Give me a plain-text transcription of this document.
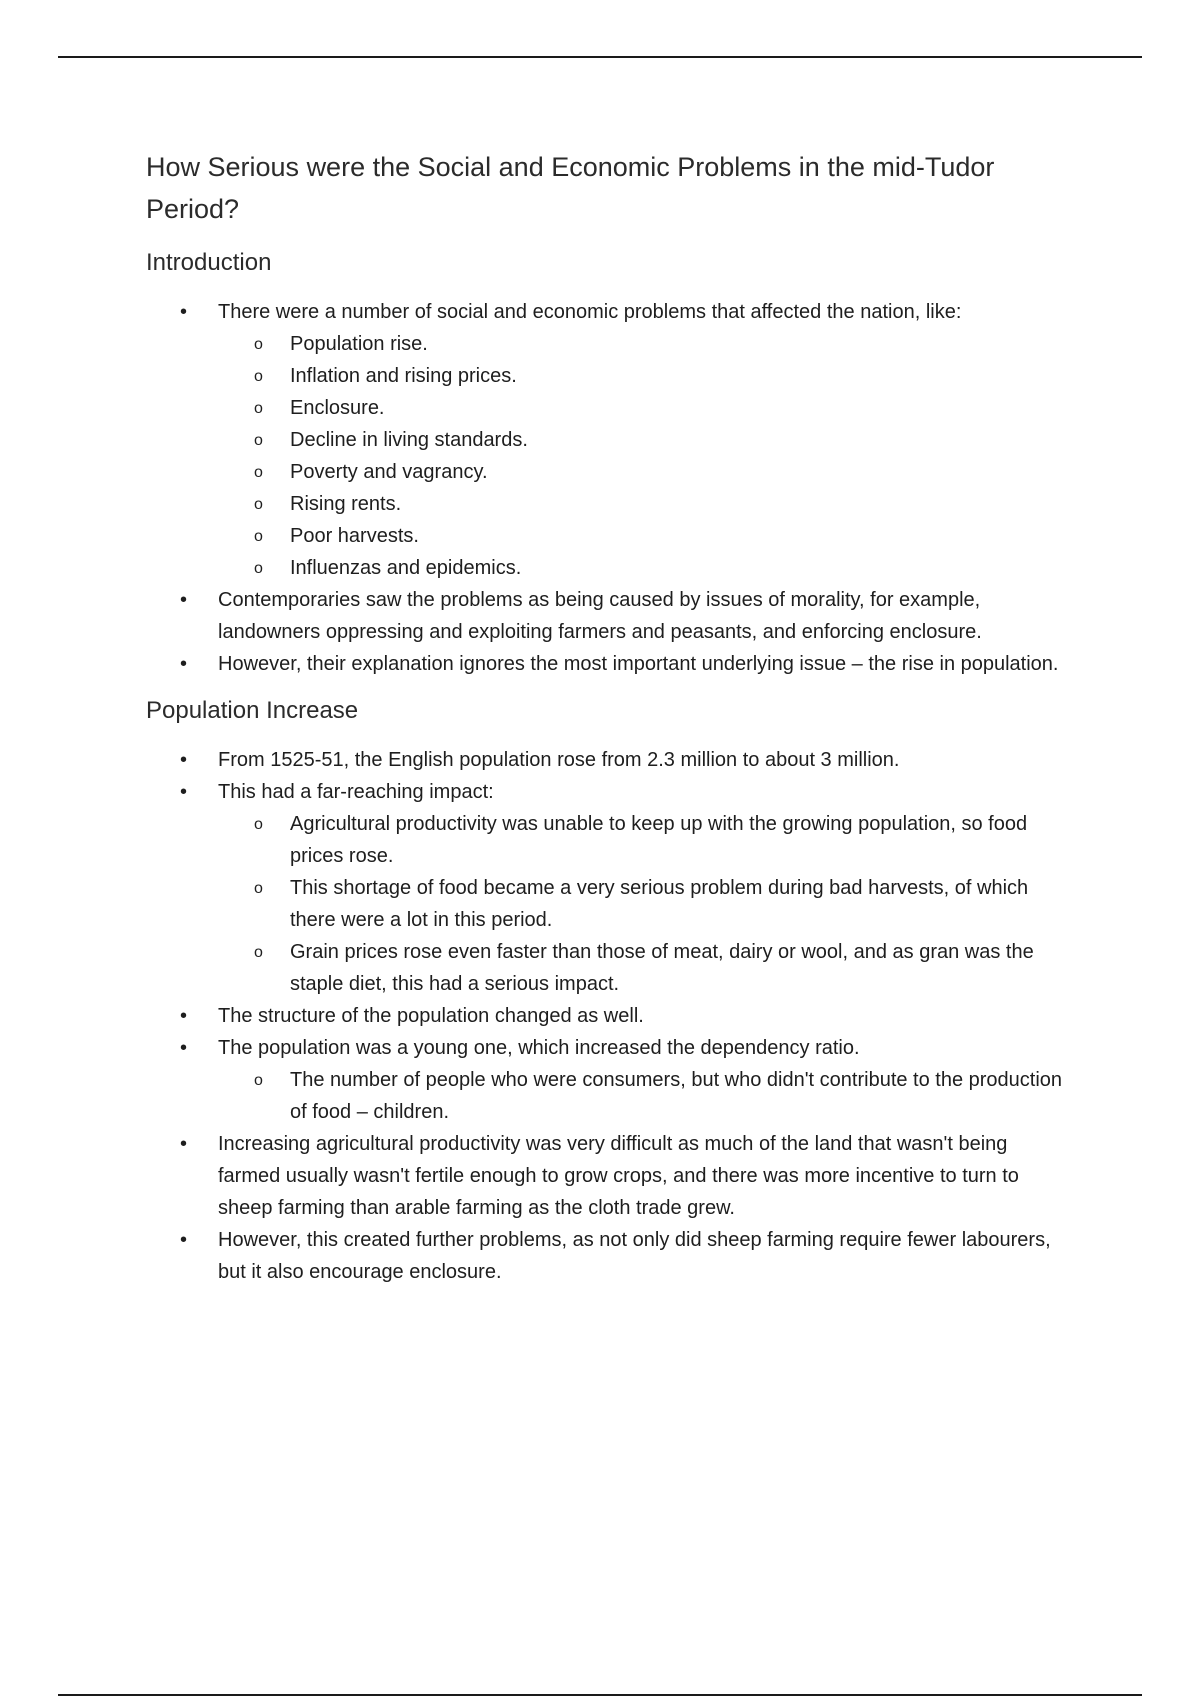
How Serious were the Social and Economic Problems in the mid-Tudor Period?
Introduction
• There were a number of social and economic problems that affected the nation, like:
o Population rise.
o Inflation and rising prices.
o Enclosure.
o Decline in living standards.
o Poverty and vagrancy.
o Rising rents.
o Poor harvests.
o Influenzas and epidemics.
• Contemporaries saw the problems as being caused by issues of morality, for example, landowners oppressing and exploiting farmers and peasants, and enforcing enclosure.
• However, their explanation ignores the most important underlying issue – the rise in population.
Population Increase
• From 1525-51, the English population rose from 2.3 million to about 3 million.
• This had a far-reaching impact:
o Agricultural productivity was unable to keep up with the growing population, so food prices rose.
o This shortage of food became a very serious problem during bad harvests, of which there were a lot in this period.
o Grain prices rose even faster than those of meat, dairy or wool, and as gran was the staple diet, this had a serious impact.
• The structure of the population changed as well.
• The population was a young one, which increased the dependency ratio.
o The number of people who were consumers, but who didn't contribute to the production of food – children.
• Increasing agricultural productivity was very difficult as much of the land that wasn't being farmed usually wasn't fertile enough to grow crops, and there was more incentive to turn to sheep farming than arable farming as the cloth trade grew.
• However, this created further problems, as not only did sheep farming require fewer labourers, but it also encourage enclosure.
